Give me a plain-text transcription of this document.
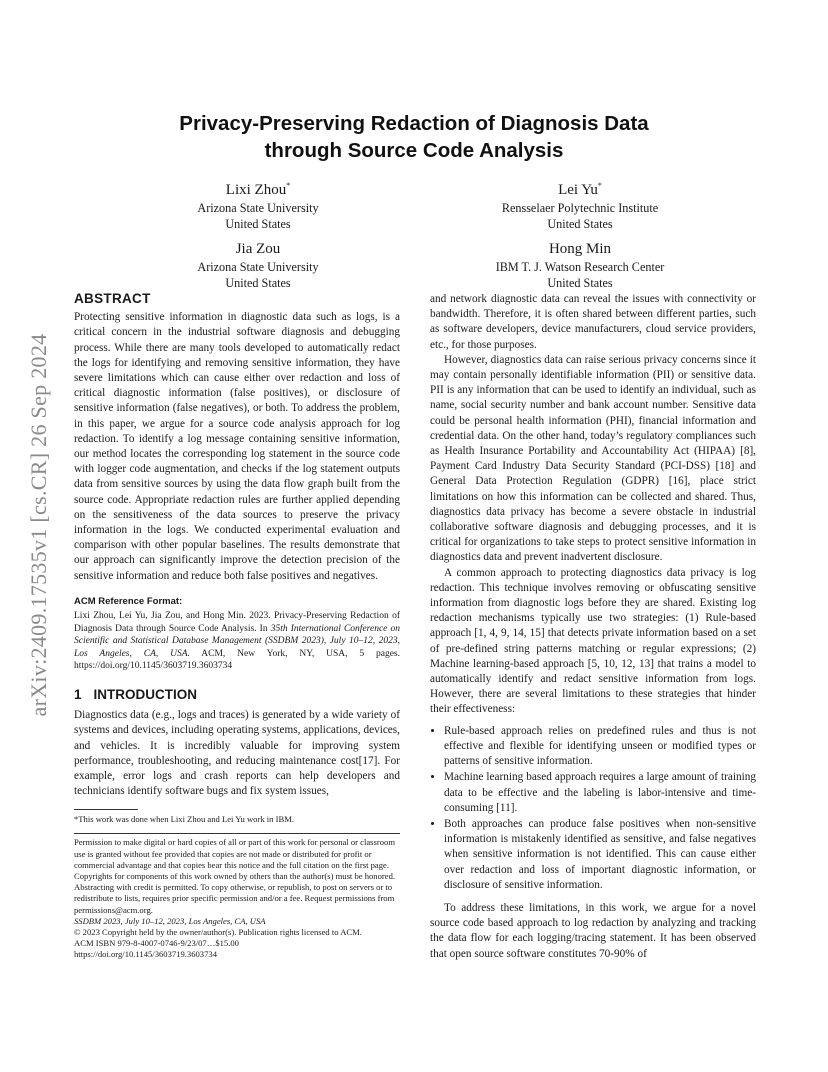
arXiv:2409.17535v1 [cs.CR] 26 Sep 2024
Privacy-Preserving Redaction of Diagnosis Data
through Source Code Analysis
Lixi Zhou*
Arizona State University
United States
Lei Yu*
Rensselaer Polytechnic Institute
United States
Jia Zou
Arizona State University
United States
Hong Min
IBM T. J. Watson Research Center
United States
ABSTRACT

Protecting sensitive information in diagnostic data such as logs, is a critical concern in the industrial software diagnosis and debugging process. While there are many tools developed to automatically redact the logs for identifying and removing sensitive information, they have severe limitations which can cause either over redaction and loss of critical diagnostic information (false positives), or disclosure of sensitive information (false negatives), or both. To address the problem, in this paper, we argue for a source code analysis approach for log redaction. To identify a log message containing sensitive information, our method locates the corresponding log statement in the source code with logger code augmentation, and checks if the log statement outputs data from sensitive sources by using the data flow graph built from the source code. Appropriate redaction rules are further applied depending on the sensitiveness of the data sources to preserve the privacy information in the logs. We conducted experimental evaluation and comparison with other popular baselines. The results demonstrate that our approach can significantly improve the detection precision of the sensitive information and reduce both false positives and negatives.

ACM Reference Format:
Lixi Zhou, Lei Yu, Jia Zou, and Hong Min. 2023. Privacy-Preserving Redaction of Diagnosis Data through Source Code Analysis. In 35th International Conference on Scientific and Statistical Database Management (SSDBM 2023), July 10–12, 2023, Los Angeles, CA, USA. ACM, New York, NY, USA, 5 pages. https://doi.org/10.1145/3603719.3603734
1 INTRODUCTION

Diagnostics data (e.g., logs and traces) is generated by a wide variety of systems and devices, including operating systems, applications, devices, and vehicles. It is incredibly valuable for improving system performance, troubleshooting, and reducing maintenance cost[17]. For example, error logs and crash reports can help developers and technicians identify software bugs and fix system issues,

*This work was done when Lixi Zhou and Lei Yu work in IBM.
Permission to make digital or hard copies of all or part of this work for personal or classroom use is granted without fee provided that copies are not made or distributed for profit or commercial advantage and that copies bear this notice and the full citation on the first page. Copyrights for components of this work owned by others than the author(s) must be honored. Abstracting with credit is permitted. To copy otherwise, or republish, to post on servers or to redistribute to lists, requires prior specific permission and/or a fee. Request permissions from permissions@acm.org.
SSDBM 2023, July 10–12, 2023, Los Angeles, CA, USA
© 2023 Copyright held by the owner/author(s). Publication rights licensed to ACM.
ACM ISBN 979-8-4007-0746-9/23/07…$15.00
https://doi.org/10.1145/3603719.3603734

and network diagnostic data can reveal the issues with connectivity or bandwidth. Therefore, it is often shared between different parties, such as software developers, device manufacturers, cloud service providers, etc., for those purposes.

However, diagnostics data can raise serious privacy concerns since it may contain personally identifiable information (PII) or sensitive data. PII is any information that can be used to identify an individual, such as name, social security number and bank account number. Sensitive data could be personal health information (PHI), financial information and credential data. On the other hand, today’s regulatory compliances such as Health Insurance Portability and Accountability Act (HIPAA) [8], Payment Card Industry Data Security Standard (PCI-DSS) [18] and General Data Protection Regulation (GDPR) [16], place strict limitations on how this information can be collected and shared. Thus, diagnostics data privacy has become a severe obstacle in industrial collaborative software diagnosis and debugging processes, and it is critical for organizations to take steps to protect sensitive information in diagnostics data and prevent inadvertent disclosure.

A common approach to protecting diagnostics data privacy is log redaction. This technique involves removing or obfuscating sensitive information from diagnostic logs before they are shared. Existing log redaction mechanisms typically use two strategies: (1) Rule-based approach [1, 4, 9, 14, 15] that detects private information based on a set of pre-defined string patterns matching or regular expressions; (2) Machine learning-based approach [5, 10, 12, 13] that trains a model to automatically identify and redact sensitive information from logs. However, there are several limitations to these strategies that hinder their effectiveness:

• Rule-based approach relies on predefined rules and thus is not effective and flexible for identifying unseen or modified types or patterns of sensitive information.
• Machine learning based approach requires a large amount of training data to be effective and the labeling is labor-intensive and time-consuming [11].
• Both approaches can produce false positives when non-sensitive information is mistakenly identified as sensitive, and false negatives when sensitive information is not identified. This can cause either over redaction and loss of important diagnostic information, or disclosure of sensitive information.

To address these limitations, in this work, we argue for a novel source code based approach to log redaction by analyzing and tracking the data flow for each logging/tracing statement. It has been observed that open source software constitutes 70-90% of
